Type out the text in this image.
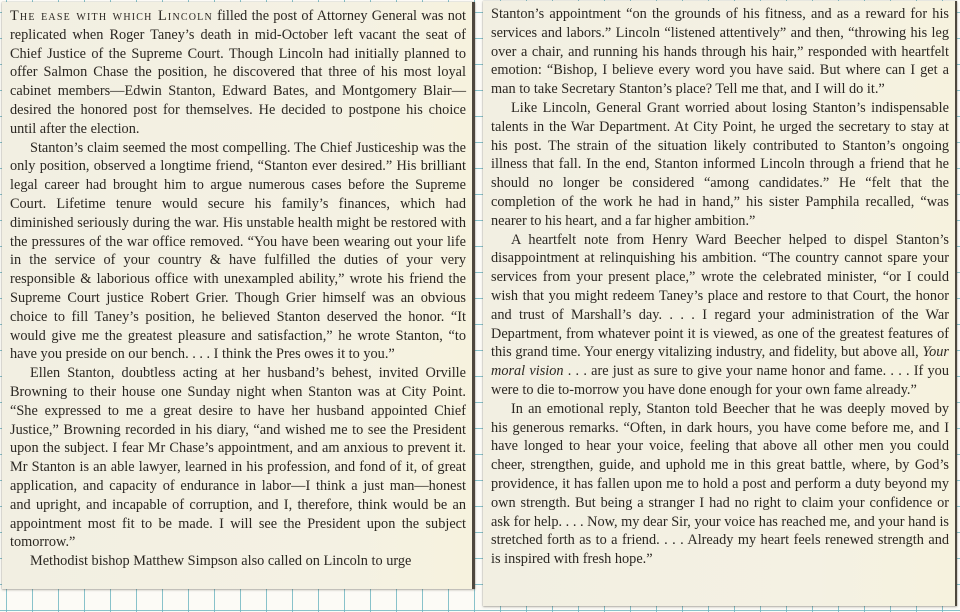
The ease with which Lincoln filled the post of Attorney General was not replicated when Roger Taney’s death in mid-October left vacant the seat of Chief Justice of the Supreme Court. Though Lincoln had initially planned to offer Salmon Chase the position, he discovered that three of his most loyal cabinet members—Edwin Stanton, Edward Bates, and Montgomery Blair—desired the honored post for themselves. He decided to postpone his choice until after the election.

Stanton’s claim seemed the most compelling. The Chief Justiceship was the only position, observed a longtime friend, “Stanton ever desired.” His brilliant legal career had brought him to argue numerous cases before the Supreme Court. Lifetime tenure would secure his family’s finances, which had diminished seriously during the war. His unstable health might be restored with the pressures of the war office removed. “You have been wearing out your life in the service of your country & have fulfilled the duties of your very responsible & laborious office with unexampled ability,” wrote his friend the Supreme Court justice Robert Grier. Though Grier himself was an obvious choice to fill Taney’s position, he believed Stanton deserved the honor. “It would give me the greatest pleasure and satisfaction,” he wrote Stanton, “to have you preside on our bench. . . . I think the Pres owes it to you.”

Ellen Stanton, doubtless acting at her husband’s behest, invited Orville Browning to their house one Sunday night when Stanton was at City Point. “She expressed to me a great desire to have her husband appointed Chief Justice,” Browning recorded in his diary, “and wished me to see the President upon the subject. I fear Mr Chase’s appointment, and am anxious to prevent it. Mr Stanton is an able lawyer, learned in his profession, and fond of it, of great application, and capacity of endurance in labor—I think a just man—honest and upright, and incapable of corruption, and I, therefore, think would be an appointment most fit to be made. I will see the President upon the subject tomorrow.”

Methodist bishop Matthew Simpson also called on Lincoln to urge

Stanton’s appointment “on the grounds of his fitness, and as a reward for his services and labors.” Lincoln “listened attentively” and then, “throwing his leg over a chair, and running his hands through his hair,” responded with heartfelt emotion: “Bishop, I believe every word you have said. But where can I get a man to take Secretary Stanton’s place? Tell me that, and I will do it.”

Like Lincoln, General Grant worried about losing Stanton’s indispensable talents in the War Department. At City Point, he urged the secretary to stay at his post. The strain of the situation likely contributed to Stanton’s ongoing illness that fall. In the end, Stanton informed Lincoln through a friend that he should no longer be considered “among candidates.” He “felt that the completion of the work he had in hand,” his sister Pamphila recalled, “was nearer to his heart, and a far higher ambition.”

A heartfelt note from Henry Ward Beecher helped to dispel Stanton’s disappointment at relinquishing his ambition. “The country cannot spare your services from your present place,” wrote the celebrated minister, “or I could wish that you might redeem Taney’s place and restore to that Court, the honor and trust of Marshall’s day. . . . I regard your administration of the War Department, from whatever point it is viewed, as one of the greatest features of this grand time. Your energy vitalizing industry, and fidelity, but above all, Your moral vision . . . are just as sure to give your name honor and fame. . . . If you were to die to-morrow you have done enough for your own fame already.”

In an emotional reply, Stanton told Beecher that he was deeply moved by his generous remarks. “Often, in dark hours, you have come before me, and I have longed to hear your voice, feeling that above all other men you could cheer, strengthen, guide, and uphold me in this great battle, where, by God’s providence, it has fallen upon me to hold a post and perform a duty beyond my own strength. But being a stranger I had no right to claim your confidence or ask for help. . . . Now, my dear Sir, your voice has reached me, and your hand is stretched forth as to a friend. . . . Already my heart feels renewed strength and is inspired with fresh hope.”
